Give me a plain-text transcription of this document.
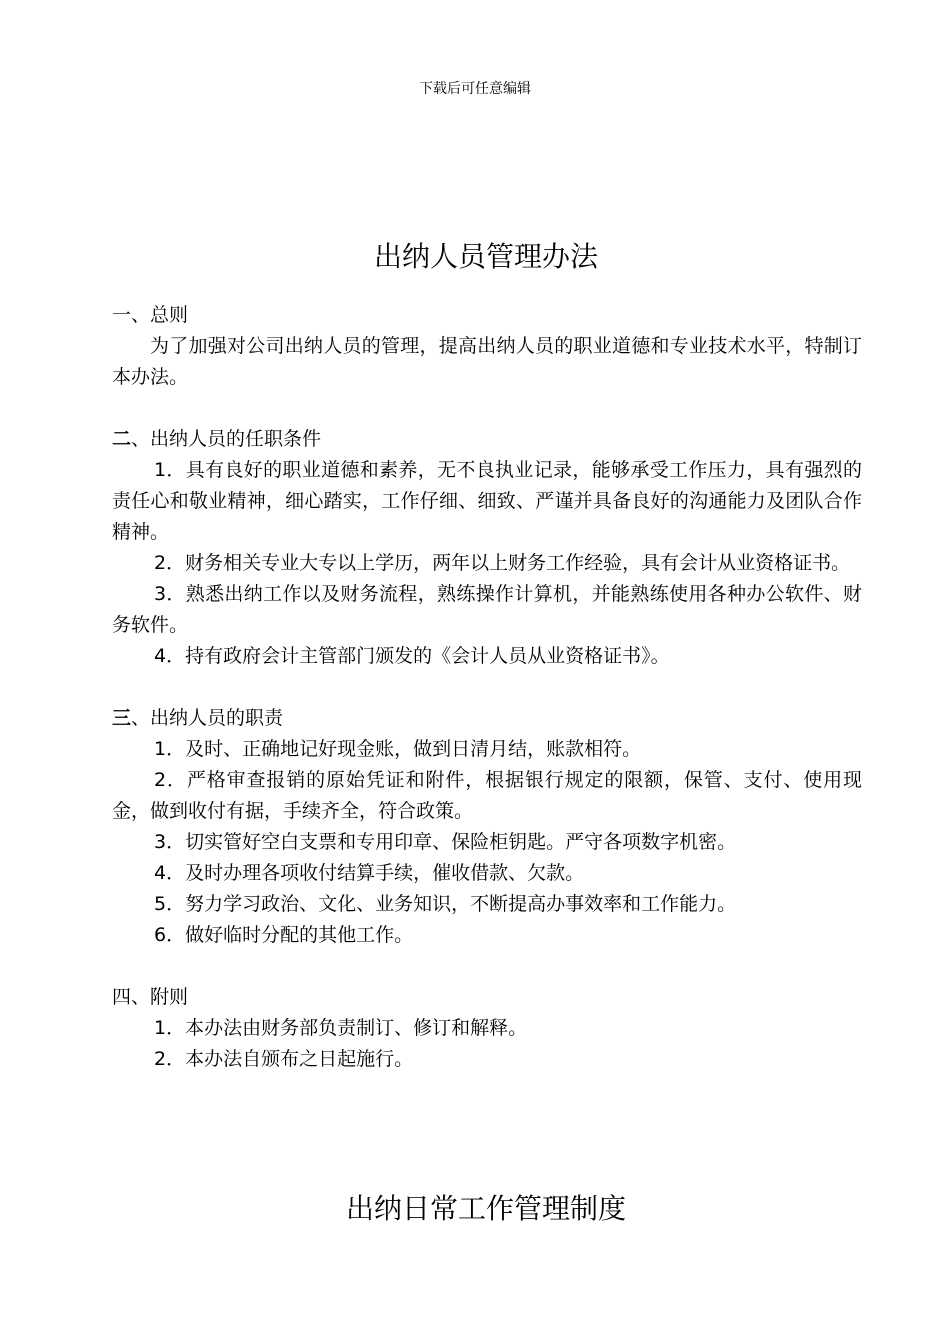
下载后可任意编辑
出纳人员管理办法

一、总则

为了加强对公司出纳人员的管理，提高出纳人员的职业道德和专业技术水平，特制订本办法。

二、出纳人员的任职条件

1．具有良好的职业道德和素养，无不良执业记录，能够承受工作压力，具有强烈的责任心和敬业精神，细心踏实，工作仔细、细致、严谨并具备良好的沟通能力及团队合作精神。

2．财务相关专业大专以上学历，两年以上财务工作经验，具有会计从业资格证书。

3．熟悉出纳工作以及财务流程，熟练操作计算机，并能熟练使用各种办公软件、财务软件。

4．持有政府会计主管部门颁发的《会计人员从业资格证书》。

三、出纳人员的职责

1．及时、正确地记好现金账，做到日清月结，账款相符。

2．严格审查报销的原始凭证和附件，根据银行规定的限额，保管、支付、使用现金，做到收付有据，手续齐全，符合政策。

3．切实管好空白支票和专用印章、保险柜钥匙。严守各项数字机密。

4．及时办理各项收付结算手续，催收借款、欠款。

5．努力学习政治、文化、业务知识，不断提高办事效率和工作能力。

6．做好临时分配的其他工作。

四、附则

1．本办法由财务部负责制订、修订和解释。

2．本办法自颁布之日起施行。

出纳日常工作管理制度
